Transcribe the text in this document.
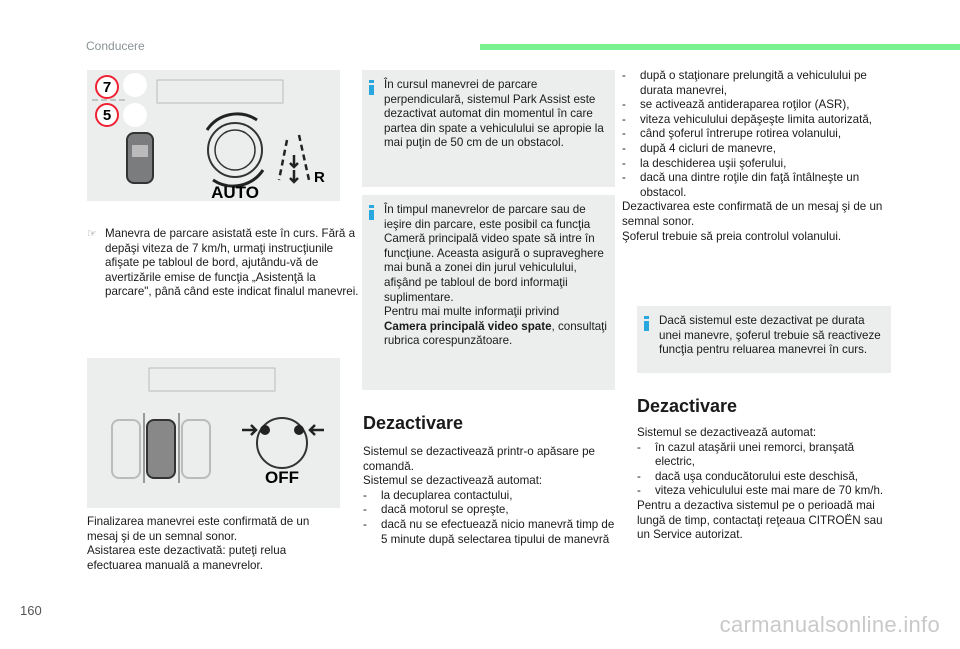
Conducere
7
5
AUTO
R
☞ Manevra de parcare asistată este în curs. Fără a depăşi viteza de 7 km/h, urmaţi instrucţiunile afişate pe tabloul de bord, ajutându-vă de avertizările emise de funcţia „Asistenţă la parcare", până când este indicat finalul manevrei.
OFF
Finalizarea manevrei este confirmată de un mesaj şi de un semnal sonor.
Asistarea este dezactivată: puteţi relua efectuarea manuală a manevrelor.
În cursul manevrei de parcare perpendiculară, sistemul Park Assist este dezactivat automat din momentul în care partea din spate a vehiculului se apropie la mai puţin de 50 cm de un obstacol.
În timpul manevrelor de parcare sau de ieşire din parcare, este posibil ca funcţia Cameră principală video spate să intre în funcţiune. Aceasta asigură o supraveghere mai bună a zonei din jurul vehiculului, afişând pe tabloul de bord informaţii suplimentare.
Pentru mai multe informaţii privind
Camera principală video spate, consultaţi rubrica corespunzătoare.
Dezactivare
Sistemul se dezactivează printr-o apăsare pe comandă.
Sistemul se dezactivează automat:
- la decuplarea contactului,
- dacă motorul se opreşte,
- dacă nu se efectuează nicio manevră timp de 5 minute după selectarea tipului de manevră
- după o staţionare prelungită a vehiculului pe durata manevrei,
- se activează antideraparea roţilor (ASR),
- viteza vehiculului depăşeşte limita autorizată,
- când şoferul întrerupe rotirea volanului,
- după 4 cicluri de manevre,
- la deschiderea uşii şoferului,
- dacă una dintre roţile din faţă întâlneşte un obstacol.
Dezactivarea este confirmată de un mesaj şi de un semnal sonor.
Şoferul trebuie să preia controlul volanului.
Dacă sistemul este dezactivat pe durata unei manevre, şoferul trebuie să reactiveze funcţia pentru reluarea manevrei în curs.
Dezactivare
Sistemul se dezactivează automat:
- în cazul ataşării unei remorci, branşată electric,
- dacă uşa conducătorului este deschisă,
- viteza vehiculului este mai mare de 70 km/h.
Pentru a dezactiva sistemul pe o perioadă mai lungă de timp, contactaţi reţeaua CITROËN sau un Service autorizat.
160
carmanualsonline.info
